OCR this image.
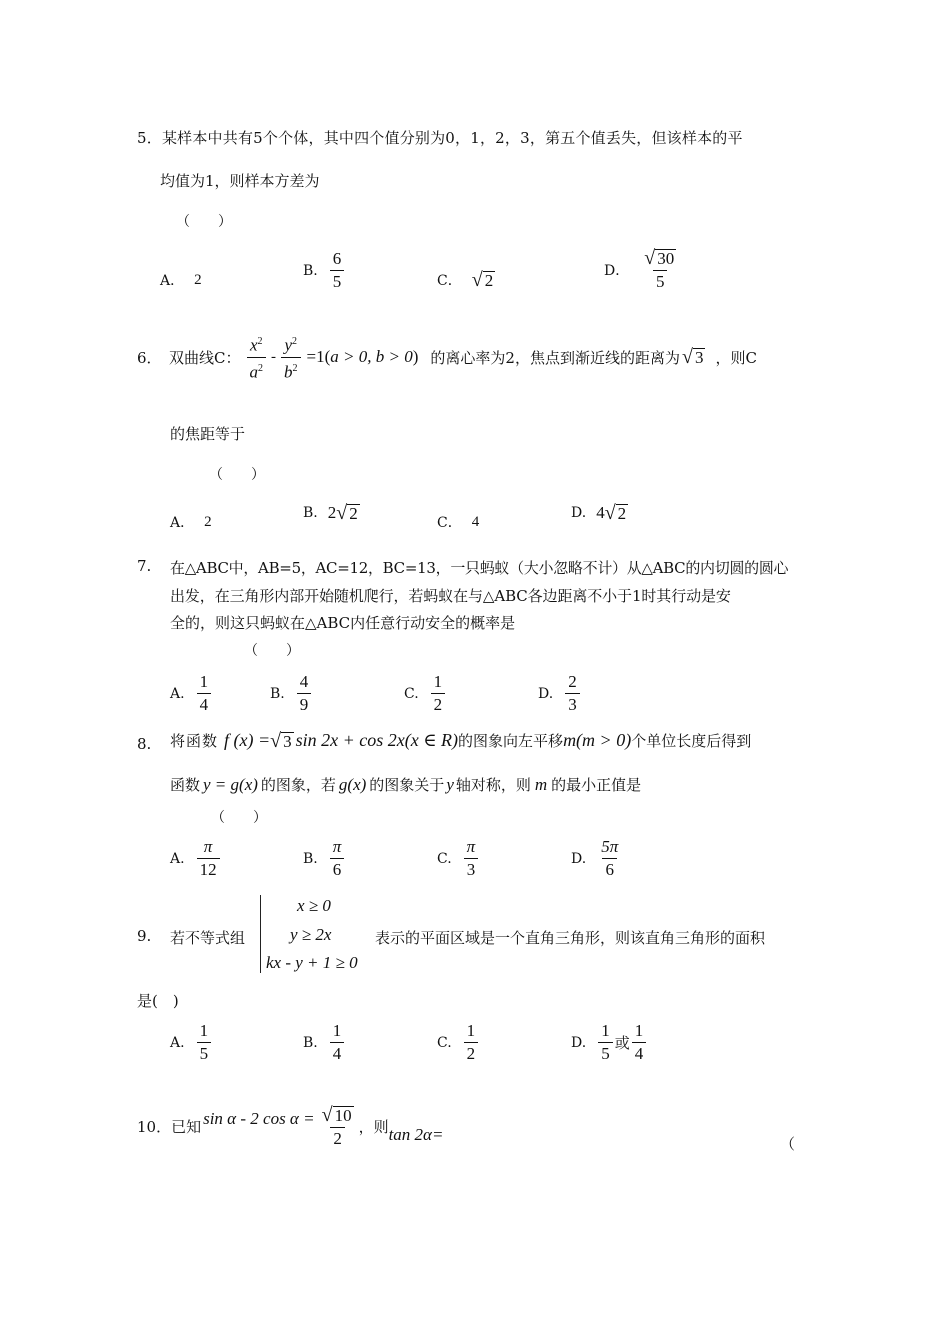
5．某样本中共有5个个体，其中四个值分别为0，1，2，3，第五个值丢失，但该样本的平
均值为1，则样本方差为
（　　）
A． 2
B. $\frac{6}{5}$	C． √ 2
D． $\frac{√ 30}{5}$
6．　双曲线C： $\frac{x^2}{a^2} - \frac{y^2}{b^2} =1$( a > 0, b > 0 ) 的离心率为2，焦点到渐近线的距离为 √ 3 ，则C
的焦距等于
（　　）
A． 2
B. 2 √ 2	C． 4
D. 4 √ 2
7. 在△ABC中，AB=5，AC=12，BC=13，一只蚂蚁（大小忽略不计）从△ABC的内切圆的圆心
出发，在三角形内部开始随机爬行，若蚂蚁在与△ABC各边距离不小于1时其行动是安
全的，则这只蚂蚁在△ABC内任意行动安全的概率是
（　　）
A. $\frac{1}{4}$	B. $\frac{4}{9}$	C. $\frac{1}{2}$	D. $\frac{2}{3}$
8. 将函数 f (x) = √ 3 sin 2x + cos 2x(x ∈ R) 的图象向左平移 m(m > 0) 个单位长度后得到
函数 y = g(x) 的图象，若 g(x) 的图象关于 y 轴对称，则 m 的最小正值是
（　　）
A. $\frac{\pi}{12}$	B. $\frac{\pi}{6}$	C. $\frac{\pi}{3}$	D. $\frac{5\pi}{6}$
9. 若不等式组
x ≥ 0
y ≥ 2x
kx - y + 1 ≥ 0
表示的平面区域是一个直角三角形，则该直角三角形的面积
是(　)
A. $\frac{1}{5}$	B. $\frac{1}{4}$	C. $\frac{1}{2}$	D. $\frac{1}{5}$ 或 $\frac{1}{4}$
10．已知 sin α - 2 $\cos \alpha = \frac{√ 10}{2}$ ，则 tan 2α=
（
